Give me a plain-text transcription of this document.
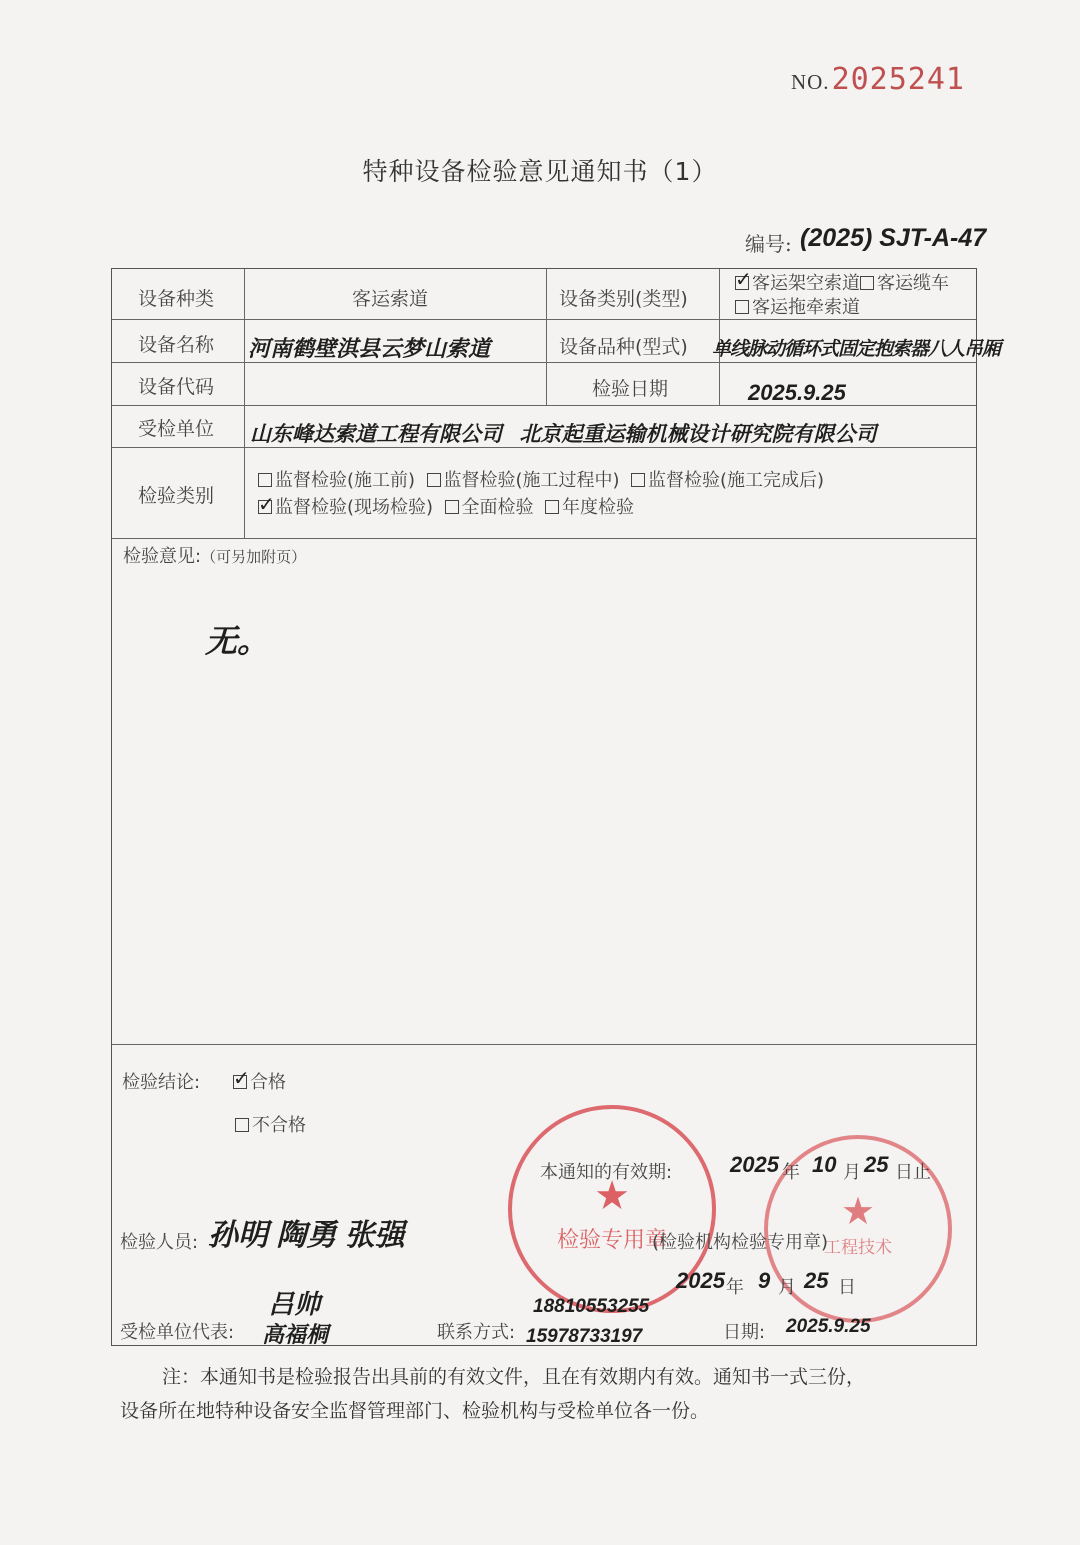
NO.2025241
特种设备检验意见通知书（1）
编号: (2025) SJT-A-47
设备种类	客运索道	设备类别(类型)
✓客运架空索道 客运缆车
客运拖牵索道
设备名称 河南鹤壁淇县云梦山索道	设备品种(型式) 单线脉动循环式固定抱索器八人吊厢
设备代码	检验日期	2025.9.25
受检单位 山东峰达索道工程有限公司   北京起重运输机械设计研究院有限公司
检验类别
监督检验(施工前) 监督检验(施工过程中) 监督检验(施工完成后)
✓监督检验(现场检验) 全面检验 年度检验
检验意见:（可另加附页）
无。
★
检验专用章
★
工程技术
检验结论:
✓	合格
不合格
本通知的有效期:	2025 年 10 月 25 日止
(检验机构检验专用章)
2025 年 9 月 25 日
检验人员: 孙明 陶勇 张强
受检单位代表:
吕帅
高福桐	联系方式:
18810553255
15978733197	日期: 2025.9.25
注：本通知书是检验报告出具前的有效文件，且在有效期内有效。通知书一式三份，
设备所在地特种设备安全监督管理部门、检验机构与受检单位各一份。
